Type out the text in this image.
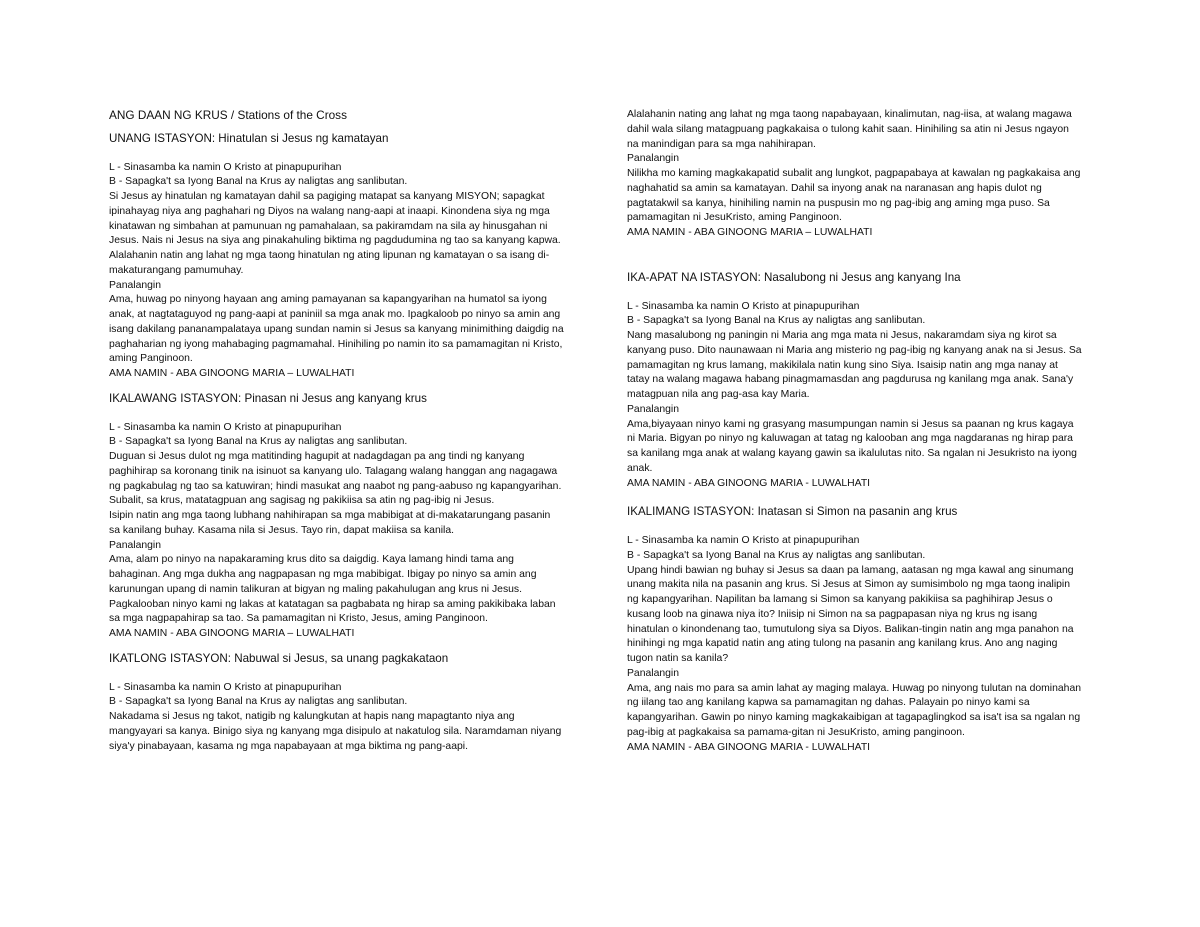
ANG DAAN NG KRUS / Stations of the Cross

UNANG ISTASYON: Hinatulan si Jesus ng kamatayan

L - Sinasamba ka namin O Kristo at pinapupurihan

B - Sapagka't sa Iyong Banal na Krus ay naligtas ang sanlibutan.

Si Jesus ay hinatulan ng kamatayan dahil sa pagiging matapat sa kanyang MISYON; sapagkat ipinahayag niya ang paghahari ng Diyos na walang nang-aapi at inaapi. Kinondena siya ng mga kinatawan ng simbahan at pamunuan ng pamahalaan, sa pakiramdam na sila ay hinusgahan ni Jesus. Nais ni Jesus na siya ang pinakahuling biktima ng pagdudumina ng tao sa kanyang kapwa.

Alalahanin natin ang lahat ng mga taong hinatulan ng ating lipunan ng kamatayan o sa isang di-makaturangang pamumuhay.

Panalangin

Ama, huwag po ninyong hayaan ang aming pamayanan sa kapangyarihan na humatol sa iyong anak, at nagtataguyod ng pang-aapi at paniniil sa mga anak mo. Ipagkaloob po ninyo sa amin ang isang dakilang pananampalataya upang sundan namin si Jesus sa kanyang minimithing daigdig na paghaharian ng iyong mahabaging pagmamahal. Hinihiling po namin ito sa pamamagitan ni Kristo, aming Panginoon.

AMA NAMIN - ABA GINOONG MARIA – LUWALHATI

IKALAWANG ISTASYON: Pinasan ni Jesus ang kanyang krus

L - Sinasamba ka namin O Kristo at pinapupurihan

B - Sapagka't sa Iyong Banal na Krus ay naligtas ang sanlibutan.

Duguan si Jesus dulot ng mga matitinding hagupit at nadagdagan pa ang tindi ng kanyang paghihirap sa koronang tinik na isinuot sa kanyang ulo. Talagang walang hanggan ang nagagawa ng pagkabulag ng tao sa katuwiran; hindi masukat ang naabot ng pang-aabuso ng kapangyarihan. Subalit, sa krus, matatagpuan ang sagisag ng pakikiisa sa atin ng pag-ibig ni Jesus.

Isipin natin ang mga taong lubhang nahihirapan sa mga mabibigat at di-makatarungang pasanin sa kanilang buhay. Kasama nila si Jesus. Tayo rin, dapat makiisa sa kanila.

Panalangin

Ama, alam po ninyo na napakaraming krus dito sa daigdig. Kaya lamang hindi tama ang bahaginan. Ang mga dukha ang nagpapasan ng mga mabibigat. Ibigay po ninyo sa amin ang karunungan upang di namin talikuran at bigyan ng maling pakahulugan ang krus ni Jesus. Pagkalooban ninyo kami ng lakas at katatagan sa pagbabata ng hirap sa aming pakikibaka laban sa mga nagpapahirap sa tao. Sa pamamagitan ni Kristo, Jesus, aming Panginoon.

AMA NAMIN - ABA GINOONG MARIA – LUWALHATI

IKATLONG ISTASYON: Nabuwal si Jesus, sa unang pagkakataon

L - Sinasamba ka namin O Kristo at pinapupurihan

B - Sapagka't sa Iyong Banal na Krus ay naligtas ang sanlibutan.

Nakadama si Jesus ng takot, natigib ng kalungkutan at hapis nang mapagtanto niya ang mangyayari sa kanya. Binigo siya ng kanyang mga disipulo at nakatulog sila. Naramdaman niyang siya'y pinabayaan, kasama ng mga napabayaan at mga biktima ng pang-aapi.

Alalahanin nating ang lahat ng mga taong napabayaan, kinalimutan, nag-iisa, at walang magawa dahil wala silang matagpuang pagkakaisa o tulong kahit saan. Hinihiling sa atin ni Jesus ngayon na manindigan para sa mga nahihirapan.

Panalangin

Nilikha mo kaming magkakapatid subalit ang lungkot, pagpapabaya at kawalan ng pagkakaisa ang naghahatid sa amin sa kamatayan. Dahil sa inyong anak na naranasan ang hapis dulot ng pagtatakwil sa kanya, hinihiling namin na puspusin mo ng pag-ibig ang aming mga puso. Sa pamamagitan ni JesuKristo, aming Panginoon.

AMA NAMIN - ABA GINOONG MARIA – LUWALHATI

IKA-APAT NA ISTASYON: Nasalubong ni Jesus ang kanyang Ina

L - Sinasamba ka namin O Kristo at pinapupurihan

B - Sapagka't sa Iyong Banal na Krus ay naligtas ang sanlibutan.

Nang masalubong ng paningin ni Maria ang mga mata ni Jesus, nakaramdam siya ng kirot sa kanyang puso. Dito naunawaan ni Maria ang misterio ng pag-ibig ng kanyang anak na si Jesus. Sa pamamagitan ng krus lamang, makikilala natin kung sino Siya. Isaisip natin ang mga nanay at tatay na walang magawa habang pinagmamasdan ang pagdurusa ng kanilang mga anak. Sana'y matagpuan nila ang pag-asa kay Maria.

Panalangin

Ama,biyayaan ninyo kami ng grasyang masumpungan namin si Jesus sa paanan ng krus kagaya ni Maria. Bigyan po ninyo ng kaluwagan at tatag ng kalooban ang mga nagdaranas ng hirap para sa kanilang mga anak at walang kayang gawin sa ikalulutas nito. Sa ngalan ni Jesukristo na iyong anak.

AMA NAMIN - ABA GINOONG MARIA - LUWALHATI

IKALIMANG ISTASYON: Inatasan si Simon na pasanin ang krus

L - Sinasamba ka namin O Kristo at pinapupurihan

B - Sapagka't sa Iyong Banal na Krus ay naligtas ang sanlibutan.

Upang hindi bawian ng buhay si Jesus sa daan pa lamang, aatasan ng mga kawal ang sinumang unang makita nila na pasanin ang krus. Si Jesus at Simon ay sumisimbolo ng mga taong inalipin ng kapangyarihan. Napilitan ba lamang si Simon sa kanyang pakikiisa sa paghihirap Jesus o kusang loob na ginawa niya ito? Iniisip ni Simon na sa pagpapasan niya ng krus ng isang hinatulan o kinondenang tao, tumutulong siya sa Diyos. Balikan-tingin natin ang mga panahon na hinihingi ng mga kapatid natin ang ating tulong na pasanin ang kanilang krus. Ano ang naging tugon natin sa kanila?

Panalangin

Ama, ang nais mo para sa amin lahat ay maging malaya. Huwag po ninyong tulutan na dominahan ng iilang tao ang kanilang kapwa sa pamamagitan ng dahas. Palayain po ninyo kami sa kapangyarihan. Gawin po ninyo kaming magkakaibigan at tagapaglingkod sa isa't isa sa ngalan ng pag-ibig at pagkakaisa sa pamama-gitan ni JesuKristo, aming panginoon.

AMA NAMIN - ABA GINOONG MARIA - LUWALHATI
